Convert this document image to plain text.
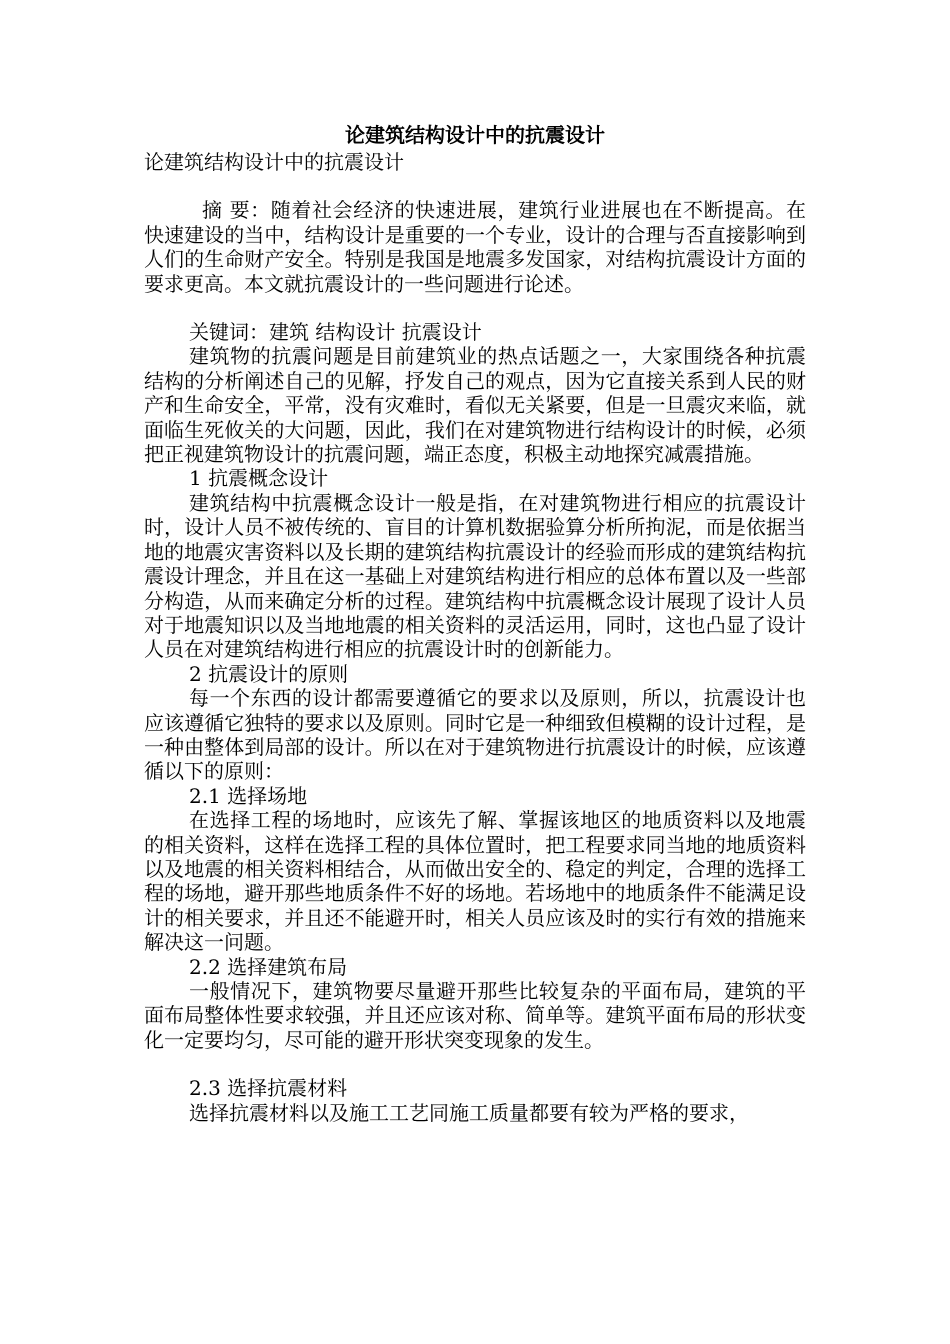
论建筑结构设计中的抗震设计

论建筑结构设计中的抗震设计

摘 要：随着社会经济的快速进展，建筑行业进展也在不断提高。在快速建设的当中，结构设计是重要的一个专业，设计的合理与否直接影响到人们的生命财产安全。特别是我国是地震多发国家，对结构抗震设计方面的要求更高。本文就抗震设计的一些问题进行论述。

关键词：建筑 结构设计 抗震设计

建筑物的抗震问题是目前建筑业的热点话题之一，大家围绕各种抗震结构的分析阐述自己的见解，抒发自己的观点，因为它直接关系到人民的财产和生命安全，平常，没有灾难时，看似无关紧要，但是一旦震灾来临，就面临生死攸关的大问题，因此，我们在对建筑物进行结构设计的时候，必须把正视建筑物设计的抗震问题，端正态度，积极主动地探究减震措施。

1 抗震概念设计

建筑结构中抗震概念设计一般是指，在对建筑物进行相应的抗震设计时，设计人员不被传统的、盲目的计算机数据验算分析所拘泥，而是依据当地的地震灾害资料以及长期的建筑结构抗震设计的经验而形成的建筑结构抗震设计理念，并且在这一基础上对建筑结构进行相应的总体布置以及一些部分构造，从而来确定分析的过程。建筑结构中抗震概念设计展现了设计人员对于地震知识以及当地地震的相关资料的灵活运用，同时，这也凸显了设计人员在对建筑结构进行相应的抗震设计时的创新能力。

2 抗震设计的原则

每一个东西的设计都需要遵循它的要求以及原则，所以，抗震设计也应该遵循它独特的要求以及原则。同时它是一种细致但模糊的设计过程，是一种由整体到局部的设计。所以在对于建筑物进行抗震设计的时候，应该遵循以下的原则：

2.1 选择场地

在选择工程的场地时，应该先了解、掌握该地区的地质资料以及地震的相关资料，这样在选择工程的具体位置时，把工程要求同当地的地质资料以及地震的相关资料相结合，从而做出安全的、稳定的判定，合理的选择工程的场地，避开那些地质条件不好的场地。若场地中的地质条件不能满足设计的相关要求，并且还不能避开时，相关人员应该及时的实行有效的措施来解决这一问题。

2.2 选择建筑布局

一般情况下，建筑物要尽量避开那些比较复杂的平面布局，建筑的平面布局整体性要求较强，并且还应该对称、简单等。建筑平面布局的形状变化一定要均匀，尽可能的避开形状突变现象的发生。

2.3 选择抗震材料

选择抗震材料以及施工工艺同施工质量都要有较为严格的要求，
